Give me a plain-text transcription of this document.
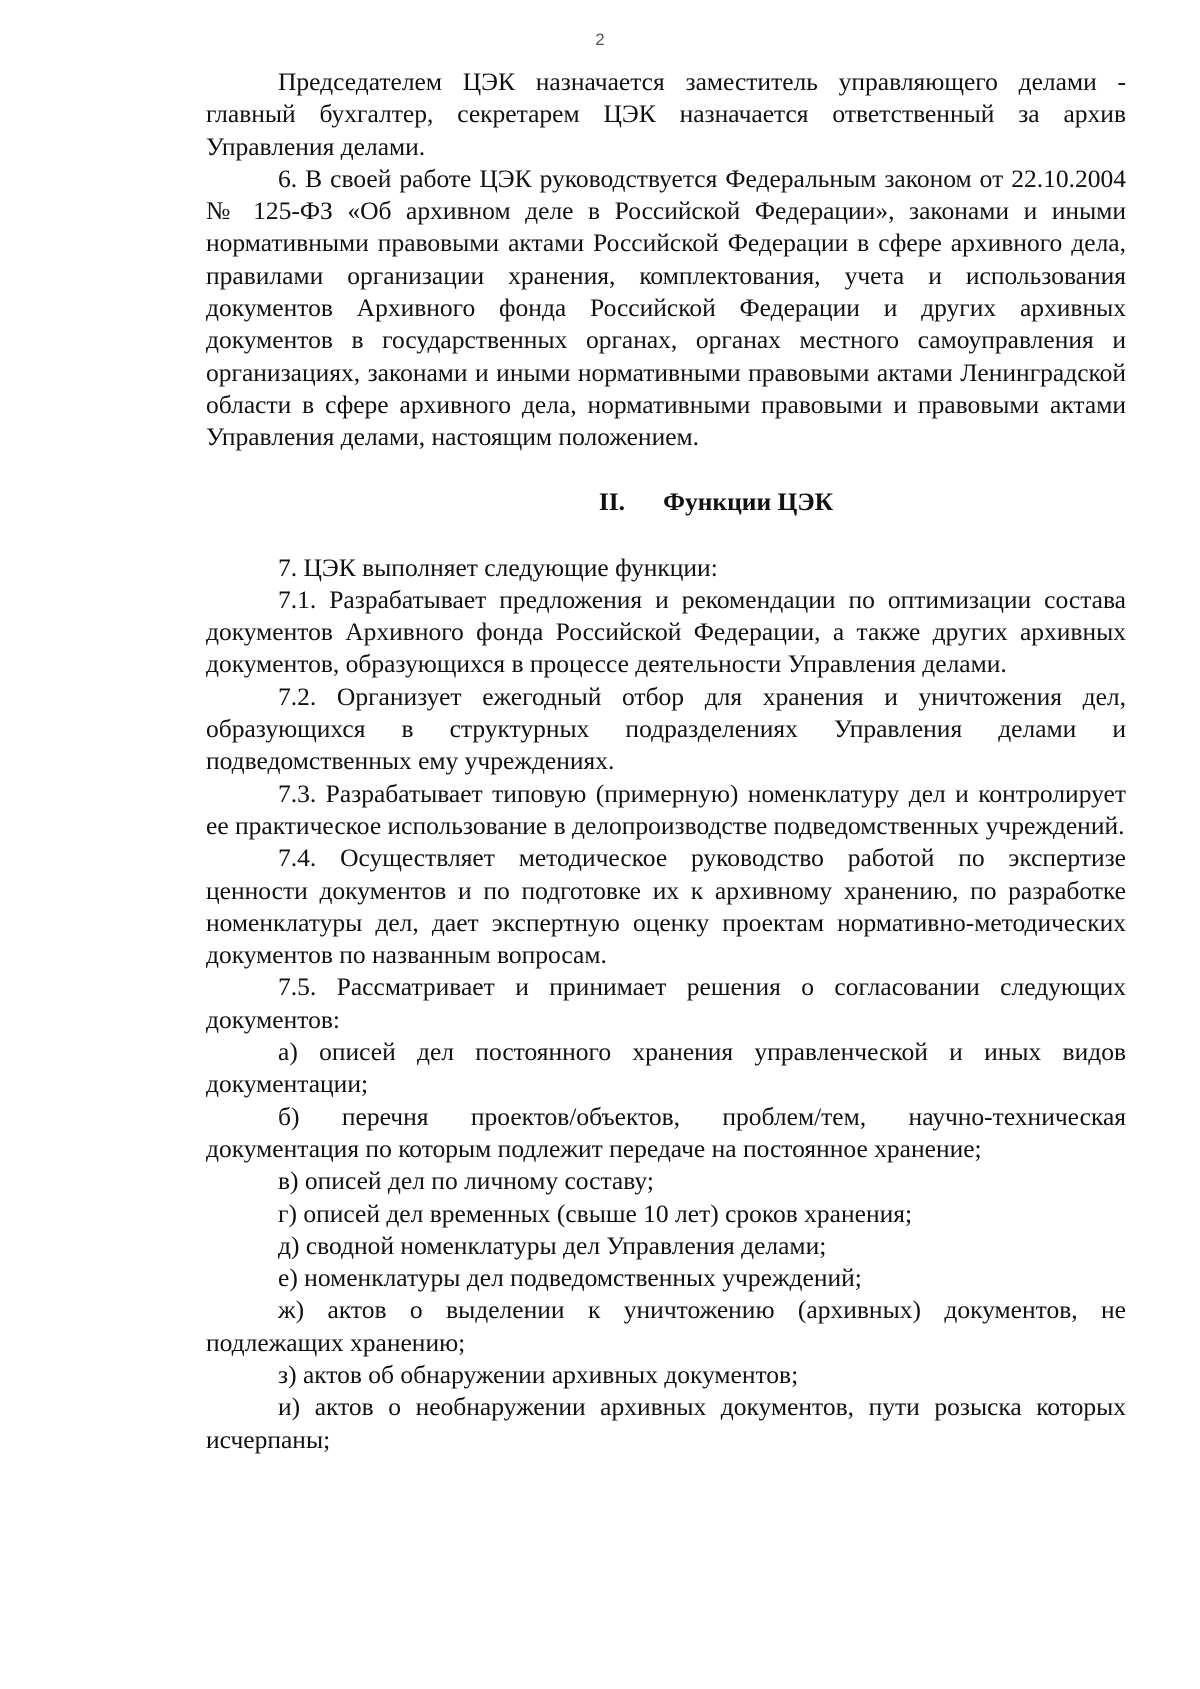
2

Председателем ЦЭК назначается заместитель управляющего делами - главный бухгалтер, секретарем ЦЭК назначается ответственный за архив Управления делами.

6. В своей работе ЦЭК руководствуется Федеральным законом от 22.10.2004 № 125-ФЗ «Об архивном деле в Российской Федерации», законами и иными нормативными правовыми актами Российской Федерации в сфере архивного дела, правилами организации хранения, комплектования, учета и использования документов Архивного фонда Российской Федерации и других архивных документов в государственных органах, органах местного самоуправления и организациях, законами и иными нормативными правовыми актами Ленинградской области в сфере архивного дела, нормативными правовыми и правовыми актами Управления делами, настоящим положением.

II. Функции ЦЭК

7. ЦЭК выполняет следующие функции:

7.1. Разрабатывает предложения и рекомендации по оптимизации состава документов Архивного фонда Российской Федерации, а также других архивных документов, образующихся в процессе деятельности Управления делами.

7.2. Организует ежегодный отбор для хранения и уничтожения дел, образующихся в структурных подразделениях Управления делами и подведомственных ему учреждениях.

7.3. Разрабатывает типовую (примерную) номенклатуру дел и контролирует ее практическое использование в делопроизводстве подведомственных учреждений.

7.4. Осуществляет методическое руководство работой по экспертизе ценности документов и по подготовке их к архивному хранению, по разработке номенклатуры дел, дает экспертную оценку проектам нормативно-методических документов по названным вопросам.

7.5. Рассматривает и принимает решения о согласовании следующих документов:

а) описей дел постоянного хранения управленческой и иных видов документации;

б) перечня проектов/объектов, проблем/тем, научно-техническая документация по которым подлежит передаче на постоянное хранение;

в) описей дел по личному составу;

г) описей дел временных (свыше 10 лет) сроков хранения;

д) сводной номенклатуры дел Управления делами;

е) номенклатуры дел подведомственных учреждений;

ж) актов о выделении к уничтожению (архивных) документов, не подлежащих хранению;

з) актов об обнаружении архивных документов;

и) актов о необнаружении архивных документов, пути розыска которых исчерпаны;
